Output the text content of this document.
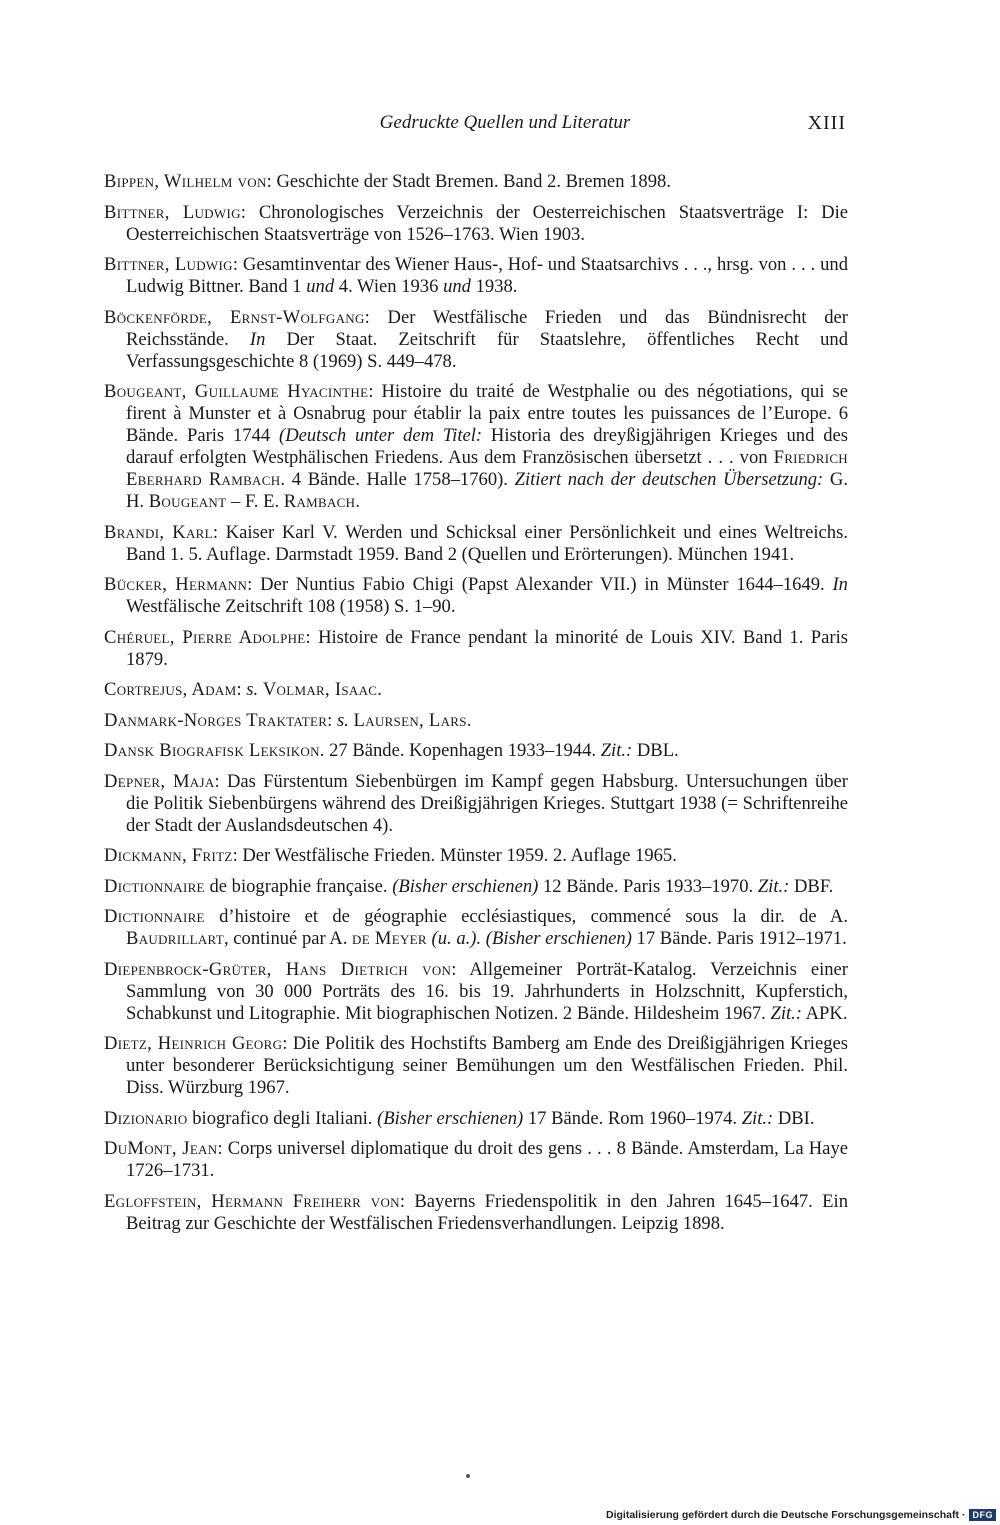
Gedruckte Quellen und Literatur	XIII
Bippen, Wilhelm von: Geschichte der Stadt Bremen. Band 2. Bremen 1898.
Bittner, Ludwig: Chronologisches Verzeichnis der Oesterreichischen Staatsverträge I: Die Oesterreichischen Staatsverträge von 1526–1763. Wien 1903.
Bittner, Ludwig: Gesamtinventar des Wiener Haus-, Hof- und Staatsarchivs . . ., hrsg. von . . . und Ludwig Bittner. Band 1 und 4. Wien 1936 und 1938.
Böckenförde, Ernst-Wolfgang: Der Westfälische Frieden und das Bündnisrecht der Reichsstände. In Der Staat. Zeitschrift für Staatslehre, öffentliches Recht und Verfassungsgeschichte 8 (1969) S. 449–478.
Bougeant, Guillaume Hyacinthe: Histoire du traité de Westphalie ou des négotiations, qui se firent à Munster et à Osnabrug pour établir la paix entre toutes les puissances de l’Europe. 6 Bände. Paris 1744 (Deutsch unter dem Titel: Historia des dreyßigjährigen Krieges und des darauf erfolgten Westphälischen Friedens. Aus dem Französischen übersetzt . . . von Friedrich Eberhard Rambach. 4 Bände. Halle 1758–1760). Zitiert nach der deutschen Übersetzung: G. H. Bougeant – F. E. Rambach.
Brandi, Karl: Kaiser Karl V. Werden und Schicksal einer Persönlichkeit und eines Weltreichs. Band 1. 5. Auflage. Darmstadt 1959. Band 2 (Quellen und Erörterungen). München 1941.
Bücker, Hermann: Der Nuntius Fabio Chigi (Papst Alexander VII.) in Münster 1644–1649. In Westfälische Zeitschrift 108 (1958) S. 1–90.
Chéruel, Pierre Adolphe: Histoire de France pendant la minorité de Louis XIV. Band 1. Paris 1879.
Cortrejus, Adam: s. Volmar, Isaac.
Danmark-Norges Traktater: s. Laursen, Lars.
Dansk Biografisk Leksikon. 27 Bände. Kopenhagen 1933–1944. Zit.: DBL.
Depner, Maja: Das Fürstentum Siebenbürgen im Kampf gegen Habsburg. Untersuchungen über die Politik Siebenbürgens während des Dreißigjährigen Krieges. Stuttgart 1938 (= Schriftenreihe der Stadt der Auslandsdeutschen 4).
Dickmann, Fritz: Der Westfälische Frieden. Münster 1959. 2. Auflage 1965.
Dictionnaire de biographie française. (Bisher erschienen) 12 Bände. Paris 1933–1970. Zit.: DBF.
Dictionnaire d’histoire et de géographie ecclésiastiques, commencé sous la dir. de A. Baudrillart, continué par A. de Meyer (u. a.). (Bisher erschienen) 17 Bände. Paris 1912–1971.
Diepenbrock-Grüter, Hans Dietrich von: Allgemeiner Porträt-Katalog. Verzeichnis einer Sammlung von 30 000 Porträts des 16. bis 19. Jahrhunderts in Holzschnitt, Kupferstich, Schabkunst und Litographie. Mit biographischen Notizen. 2 Bände. Hildesheim 1967. Zit.: APK.
Dietz, Heinrich Georg: Die Politik des Hochstifts Bamberg am Ende des Dreißigjährigen Krieges unter besonderer Berücksichtigung seiner Bemühungen um den Westfälischen Frieden. Phil. Diss. Würzburg 1967.
Dizionario biografico degli Italiani. (Bisher erschienen) 17 Bände. Rom 1960–1974. Zit.: DBI.
DuMont, Jean: Corps universel diplomatique du droit des gens . . . 8 Bände. Amsterdam, La Haye 1726–1731.
Egloffstein, Hermann Freiherr von: Bayerns Friedenspolitik in den Jahren 1645–1647. Ein Beitrag zur Geschichte der Westfälischen Friedensverhandlungen. Leipzig 1898.
Digitalisierung gefördert durch die Deutsche Forschungsgemeinschaft · DFG
